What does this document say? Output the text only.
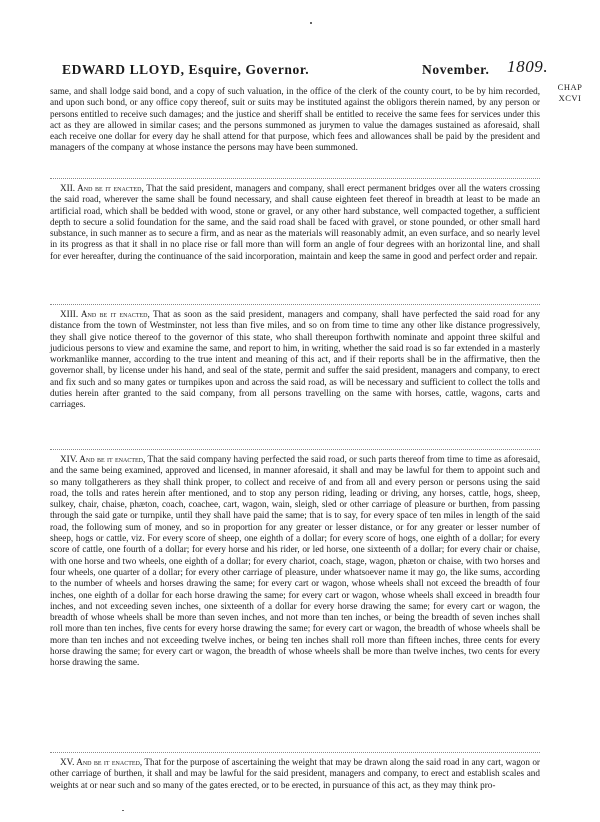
EDWARD LLOYD, Esquire, Governor.	November. 1809.
CHAP
XCVI

same, and shall lodge said bond, and a copy of such valuation, in the office of the clerk of the county court, to be by him recorded, and upon such bond, or any office copy thereof, suit or suits may be instituted against the obligors therein named, by any person or persons entitled to receive such damages; and the justice and sheriff shall be entitled to receive the same fees for services under this act as they are allowed in similar cases; and the persons summoned as jurymen to value the damages sustained as aforesaid, shall each receive one dollar for every day he shall attend for that purpose, which fees and allowances shall be paid by the president and managers of the company at whose instance the persons may have been summoned.

XII. And be it enacted, That the said president, managers and company, shall erect permanent bridges over all the waters crossing the said road, wherever the same shall be found necessary, and shall cause eighteen feet thereof in breadth at least to be made an artificial road, which shall be bedded with wood, stone or gravel, or any other hard substance, well compacted together, a sufficient depth to secure a solid foundation for the same, and the said road shall be faced with gravel, or stone pounded, or other small hard substance, in such manner as to secure a firm, and as near as the materials will reasonably admit, an even surface, and so nearly level in its progress as that it shall in no place rise or fall more than will form an angle of four degrees with an horizontal line, and shall for ever hereafter, during the continuance of the said incorporation, maintain and keep the same in good and perfect order and repair.

XIII. And be it enacted, That as soon as the said president, managers and company, shall have perfected the said road for any distance from the town of Westminster, not less than five miles, and so on from time to time any other like distance progressively, they shall give notice thereof to the governor of this state, who shall thereupon forthwith nominate and appoint three skilful and judicious persons to view and examine the same, and report to him, in writing, whether the said road is so far extended in a masterly workmanlike manner, according to the true intent and meaning of this act, and if their reports shall be in the affirmative, then the governor shall, by license under his hand, and seal of the state, permit and suffer the said president, managers and company, to erect and fix such and so many gates or turnpikes upon and across the said road, as will be necessary and sufficient to collect the tolls and duties herein after granted to the said company, from all persons travelling on the same with horses, cattle, wagons, carts and carriages.

XIV. And be it enacted, That the said company having perfected the said road, or such parts thereof from time to time as aforesaid, and the same being examined, approved and licensed, in manner aforesaid, it shall and may be lawful for them to appoint such and so many tollgatherers as they shall think proper, to collect and receive of and from all and every person or persons using the said road, the tolls and rates herein after mentioned, and to stop any person riding, leading or driving, any horses, cattle, hogs, sheep, sulkey, chair, chaise, phæton, coach, coachee, cart, wagon, wain, sleigh, sled or other carriage of pleasure or burthen, from passing through the said gate or turnpike, until they shall have paid the same; that is to say, for every space of ten miles in length of the said road, the following sum of money, and so in proportion for any greater or lesser distance, or for any greater or lesser number of sheep, hogs or cattle, viz. For every score of sheep, one eighth of a dollar; for every score of hogs, one eighth of a dollar; for every score of cattle, one fourth of a dollar; for every horse and his rider, or led horse, one sixteenth of a dollar; for every chair or chaise, with one horse and two wheels, one eighth of a dollar; for every chariot, coach, stage, wagon, phæton or chaise, with two horses and four wheels, one quarter of a dollar; for every other carriage of pleasure, under whatsoever name it may go, the like sums, according to the number of wheels and horses drawing the same; for every cart or wagon, whose wheels shall not exceed the breadth of four inches, one eighth of a dollar for each horse drawing the same; for every cart or wagon, whose wheels shall exceed in breadth four inches, and not exceeding seven inches, one sixteenth of a dollar for every horse drawing the same; for every cart or wagon, the breadth of whose wheels shall be more than seven inches, and not more than ten inches, or being the breadth of seven inches shall roll more than ten inches, five cents for every horse drawing the same; for every cart or wagon, the breadth of whose wheels shall be more than ten inches and not exceeding twelve inches, or being ten inches shall roll more than fifteen inches, three cents for every horse drawing the same; for every cart or wagon, the breadth of whose wheels shall be more than twelve inches, two cents for every horse drawing the same.

XV. And be it enacted, That for the purpose of ascertaining the weight that may be drawn along the said road in any cart, wagon or other carriage of burthen, it shall and may be lawful for the said president, managers and company, to erect and establish scales and weights at or near such and so many of the gates erected, or to be erected, in pursuance of this act, as they may think pro-
